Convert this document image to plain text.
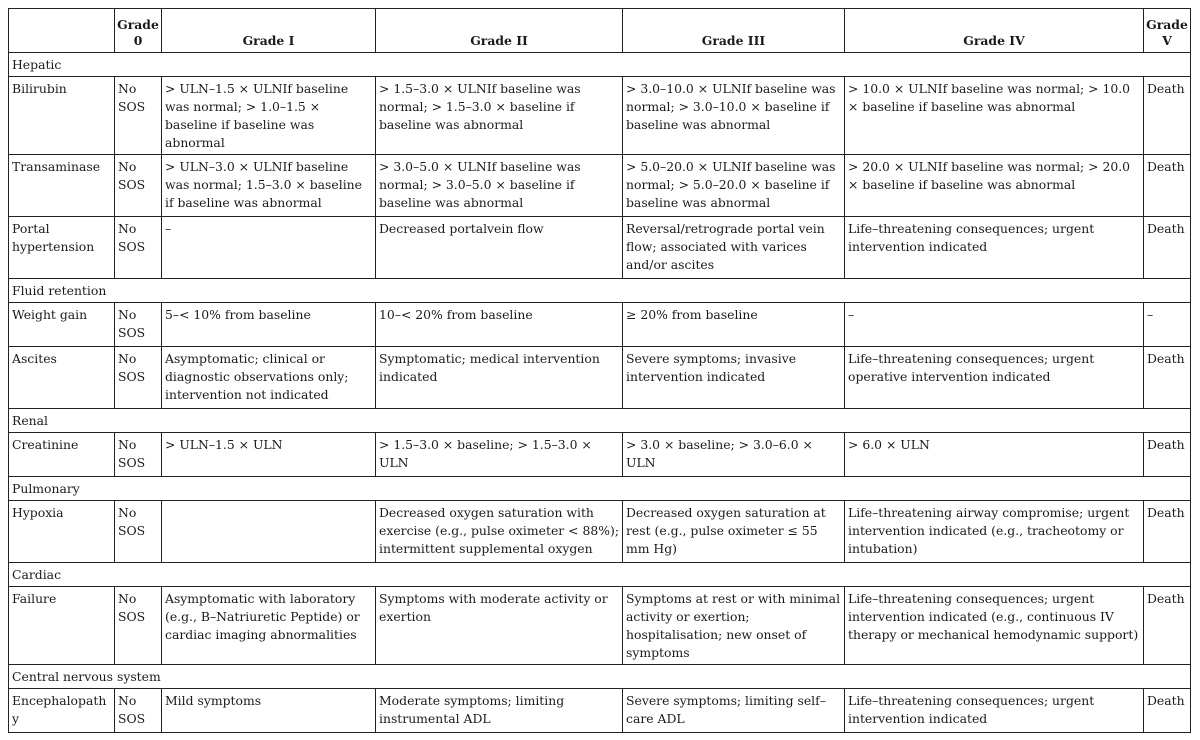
	Grade 0	Grade I	Grade II	Grade III	Grade IV	Grade V
Hepatic						
Bilirubin	No SOS	> ULN–1.5 × ULNIf baseline was normal; > 1.0–1.5 × baseline if baseline was abnormal	> 1.5–3.0 × ULNIf baseline was normal; > 1.5–3.0 × baseline if baseline was abnormal	> 3.0–10.0 × ULNIf baseline was normal; > 3.0–10.0 × baseline if baseline was abnormal	> 10.0 × ULNIf baseline was normal; > 10.0 × baseline if baseline was abnormal	Death
Transaminase	No SOS	> ULN–3.0 × ULNIf baseline was normal; 1.5–3.0 × baseline if baseline was abnormal	> 3.0–5.0 × ULNIf baseline was normal; > 3.0–5.0 × baseline if baseline was abnormal	> 5.0–20.0 × ULNIf baseline was normal; > 5.0–20.0 × baseline if baseline was abnormal	> 20.0 × ULNIf baseline was normal; > 20.0 × baseline if baseline was abnormal	Death
Portal hypertension	No SOS	–	Decreased portalvein flow	Reversal/retrograde portal vein flow; associated with varices and/or ascites	Life–threatening consequences; urgent intervention indicated	Death
Fluid retention						
Weight gain	No SOS	5–< 10% from baseline	10–< 20% from baseline	≥ 20% from baseline	–	–
Ascites	No SOS	Asymptomatic; clinical or diagnostic observations only; intervention not indicated	Symptomatic; medical intervention indicated	Severe symptoms; invasive intervention indicated	Life–threatening consequences; urgent operative intervention indicated	Death
Renal						
Creatinine	No SOS	> ULN–1.5 × ULN	> 1.5–3.0 × baseline; > 1.5–3.0 × ULN	> 3.0 × baseline; > 3.0–6.0 × ULN	> 6.0 × ULN	Death
Pulmonary						
Hypoxia	No SOS		Decreased oxygen saturation with exercise (e.g., pulse oximeter < 88%); intermittent supplemental oxygen	Decreased oxygen saturation at rest (e.g., pulse oximeter ≤ 55 mm Hg)	Life–threatening airway compromise; urgent intervention indicated (e.g., tracheotomy or intubation)	Death
Cardiac						
Failure	No SOS	Asymptomatic with laboratory (e.g., B–Natriuretic Peptide) or cardiac imaging abnormalities	Symptoms with moderate activity or exertion	Symptoms at rest or with minimal activity or exertion; hospitalisation; new onset of symptoms	Life–threatening consequences; urgent intervention indicated (e.g., continuous IV therapy or mechanical hemodynamic support)	Death
Central nervous system						
Encephalopathy	No SOS	Mild symptoms	Moderate symptoms; limiting instrumental ADL	Severe symptoms; limiting self–care ADL	Life–threatening consequences; urgent intervention indicated	Death
